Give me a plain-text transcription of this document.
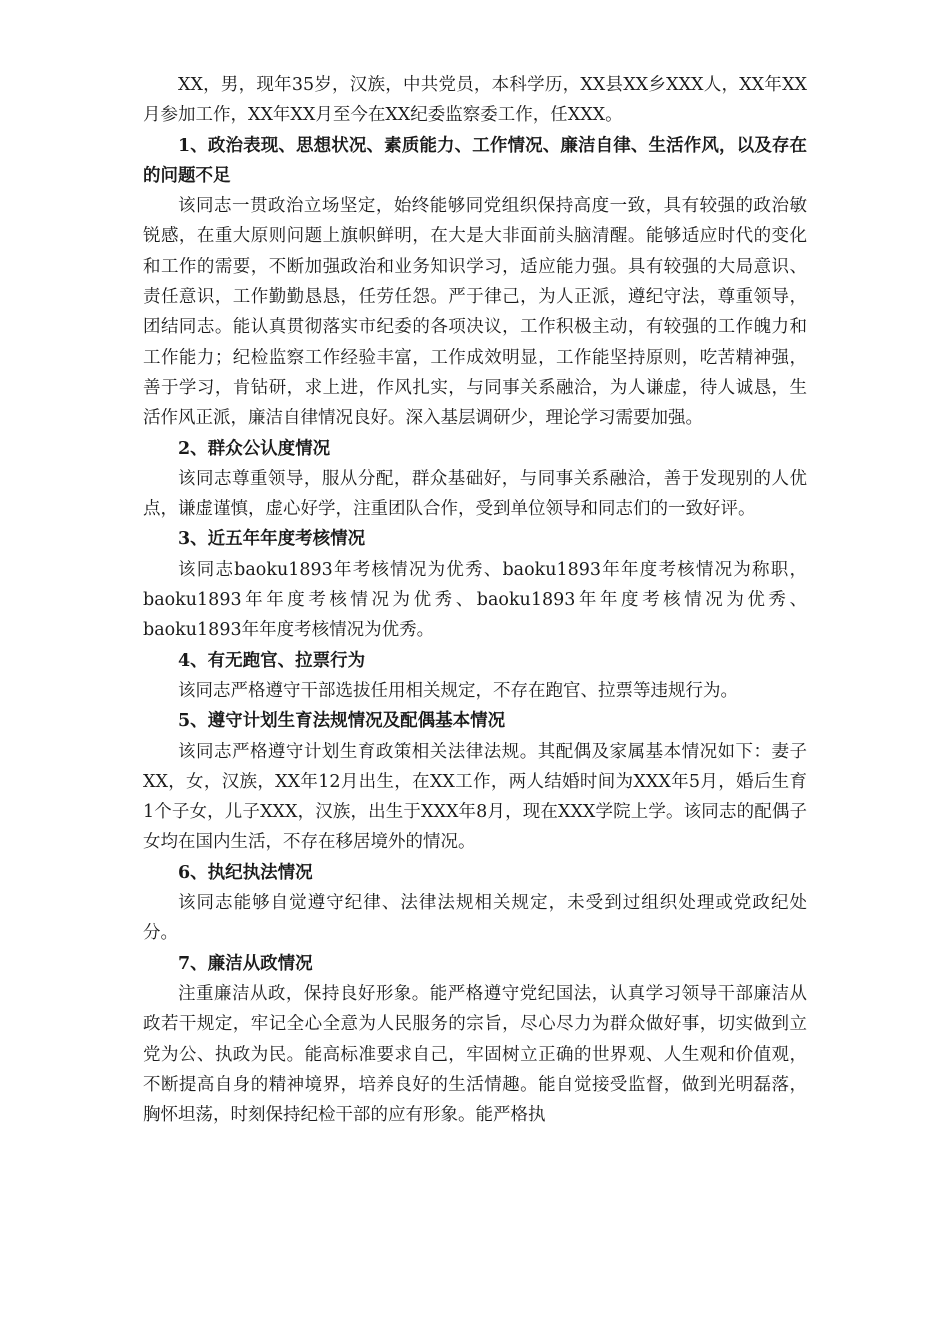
XX，男，现年35岁，汉族，中共党员，本科学历，XX县XX乡XXX人，XX年XX月参加工作，XX年XX月至今在XX纪委监察委工作，任XXX。

1、政治表现、思想状况、素质能力、工作情况、廉洁自律、生活作风，以及存在的问题不足

该同志一贯政治立场坚定，始终能够同党组织保持高度一致，具有较强的政治敏锐感，在重大原则问题上旗帜鲜明，在大是大非面前头脑清醒。能够适应时代的变化和工作的需要，不断加强政治和业务知识学习，适应能力强。具有较强的大局意识、责任意识，工作勤勤恳恳，任劳任怨。严于律己，为人正派，遵纪守法，尊重领导，团结同志。能认真贯彻落实市纪委的各项决议，工作积极主动，有较强的工作魄力和工作能力；纪检监察工作经验丰富，工作成效明显，工作能坚持原则，吃苦精神强，善于学习，肯钻研，求上进，作风扎实，与同事关系融洽，为人谦虚，待人诚恳，生活作风正派，廉洁自律情况良好。深入基层调研少，理论学习需要加强。

2、群众公认度情况

该同志尊重领导，服从分配，群众基础好，与同事关系融洽，善于发现别的人优点，谦虚谨慎，虚心好学，注重团队合作，受到单位领导和同志们的一致好评。

3、近五年年度考核情况

该同志baoku1893年考核情况为优秀、baoku1893年年度考核情况为称职，baoku1893年年度考核情况为优秀、baoku1893年年度考核情况为优秀、baoku1893年年度考核情况为优秀。

4、有无跑官、拉票行为

该同志严格遵守干部选拔任用相关规定，不存在跑官、拉票等违规行为。

5、遵守计划生育法规情况及配偶基本情况

该同志严格遵守计划生育政策相关法律法规。其配偶及家属基本情况如下：妻子XX，女，汉族，XX年12月出生，在XX工作，两人结婚时间为XXX年5月，婚后生育1个子女，儿子XXX，汉族，出生于XXX年8月，现在XXX学院上学。该同志的配偶子女均在国内生活，不存在移居境外的情况。

6、执纪执法情况

该同志能够自觉遵守纪律、法律法规相关规定，未受到过组织处理或党政纪处分。

7、廉洁从政情况

注重廉洁从政，保持良好形象。能严格遵守党纪国法，认真学习领导干部廉洁从政若干规定，牢记全心全意为人民服务的宗旨，尽心尽力为群众做好事，切实做到立党为公、执政为民。能高标准要求自己，牢固树立正确的世界观、人生观和价值观，不断提高自身的精神境界，培养良好的生活情趣。能自觉接受监督，做到光明磊落，胸怀坦荡，时刻保持纪检干部的应有形象。能严格执
